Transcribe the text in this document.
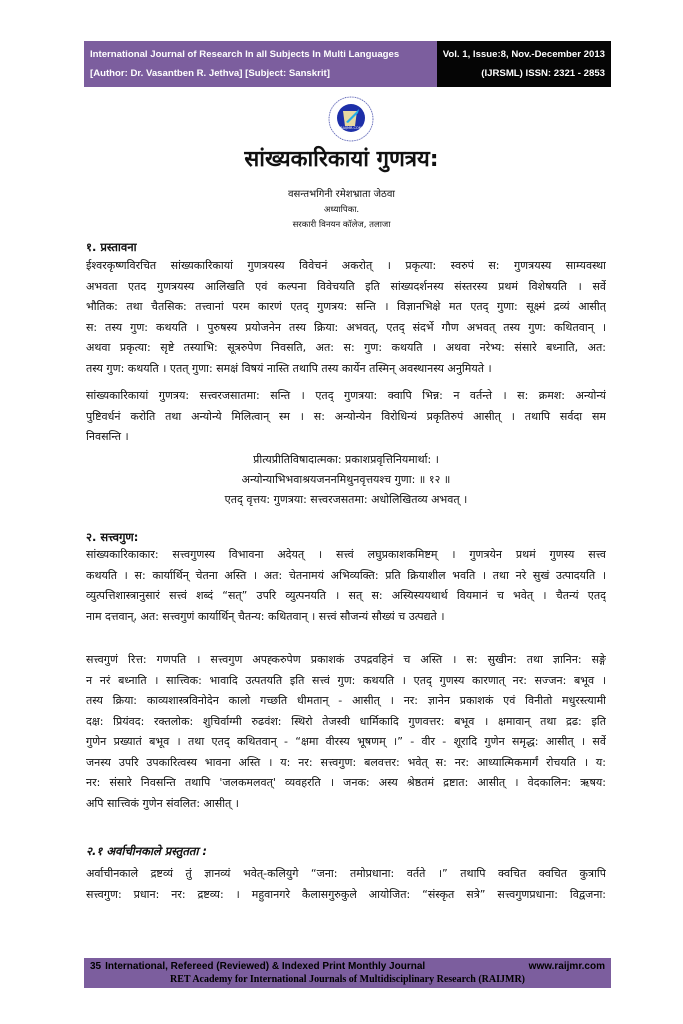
International Journal of Research In all Subjects In Multi Languages
[Author: Dr. Vasantben R. Jethva] [Subject: Sanskrit]
Vol. 1, Issue:8, Nov.-December 2013
(IJRSML) ISSN: 2321 - 2853
RAIJMR.COM
सांख्यकारिकायां गुणत्रय:
वसन्तभगिनी रमेशभ्राता जेठवा
अध्यापिका.
सरकारी विनयन कॉलेज, तलाजा
१. प्रस्तावना
ईश्वरकृष्णविरचित सांख्यकारिकायां गुणत्रयस्य विवेचनं अकरोत् । प्रकृत्या: स्वरुपं स: गुणत्रयस्य साम्यवस्था
अभवता एतद गुणत्रयस्य आलिखति एवं कल्पना विवेचयति इति सांख्यदर्शनस्य संस्तरस्य प्रथमं विशेषयति । सर्वे
भौतिक: तथा चैतसिक: तत्त्वानां परम कारणं एतद् गुणत्रय: सन्ति । विज्ञानभिक्षे मत एतद् गुणा: सूक्ष्मं द्रव्यं आसीत्
स: तस्य गुण: कथयति । पुरुषस्य प्रयोजनेन तस्य क्रिया: अभवत्, एतद् संदर्भे गौण अभवत् तस्य गुण: कथितवान् ।
अथवा प्रकृत्या: सृष्टे तस्याभि: सूत्ररुपेण निवसति, अत: स: गुण: कथयति । अथवा नरेभ्य: संसारे बध्नाति, अत:
तस्य गुण: कथयति । एतत् गुणा: समक्षं विषयं नास्ति तथापि तस्य कार्येन तस्मिन् अवस्थानस्य अनुमियते ।
सांख्यकारिकायां गुणत्रय: सत्त्वरजसातमा: सन्ति । एतद् गुणत्रया: क्वापि भिन्न: न वर्तन्ते । स: क्रमश: अन्योन्यं
पुष्टिवर्धनं करोति तथा अन्योन्ये मिलित्वान् स्म । स: अन्योन्येन विरोधिन्यं प्रकृतिरुपं आसीत् । तथापि सर्वदा सम
निवसन्ति ।
प्रीत्यप्रीतिविषादात्मका: प्रकाशप्रवृत्तिनियमार्था: ।
अन्योन्याभिभवाश्रयजननमिथुनवृत्तयश्च गुणा: ॥ १२ ॥
एतद् वृत्तय: गुणत्रया: सत्त्वरजसतमा: अधोलिखितव्य अभवत् ।
२. सत्त्वगुण:
सांख्यकारिकाकार: सत्त्वगुणस्य विभावना अदेयत् । सत्त्वं लघुप्रकाशकमिष्टम् । गुणत्रयेन प्रथमं गुणस्य सत्त्व
कथयति । स: कार्यार्थिन् चेतना अस्ति । अत: चेतनामयं अभिव्यक्ति: प्रति क्रियाशील भवति । तथा नरे सुखं उत्पादयति ।
व्युत्पत्तिशास्त्रानुसारं सत्त्वं शब्दं “सत्” उपरि व्युत्पनयति । सत् स: अस्यिस्ययथार्थ वियमानं च भवेत् । चैतन्यं एतद्
नाम दत्तवान्, अत: सत्त्वगुणं कार्यार्थिन् चैतन्य: कथितवान् । सत्त्वं सौजन्यं सौख्यं च उत्पद्यते ।
सत्त्वगुणं रित्त: गणपति । सत्त्वगुण अपह्करुपेण प्रकाशकं उपद्रवहिनं च अस्ति । स: सुखीन: तथा ज्ञानिन: सङ्गे
न नरं बध्नाति । सात्त्विक: भावादि उत्पतयति इति सत्त्वं गुण: कथयति । एतद् गुणस्य कारणात् नर: सज्जन: बभूव ।
तस्य क्रिया: काव्यशास्त्रविनोदेन कालो गच्छति धीमतान् - आसीत् । नर: ज्ञानेन प्रकाशकं एवं विनीतो मधुरस्त्यामी
दक्ष: प्रियंवद: रक्तलोक: शुचिर्वाग्मी रुढवंश: स्थिरो तेजस्वी धार्मिकादि गुणवत्तर: बभूव । क्षमावान् तथा द्रढ: इति
गुणेन प्रख्यातं बभूव । तथा एतद् कथितवान् - “क्षमा वीरस्य भूषणम् ।” - वीर - शूरादि गुणेन समृद्ध: आसीत् । सर्वे
जनस्य उपरि उपकारित्वस्य भावना अस्ति । य: नर: सत्त्वगुण: बलवत्तर: भवेत् स: नर: आध्यात्मिकमार्गं रोचयति । य:
नर: संसारे निवसन्ति तथापि 'जलकमलवत्' व्यवहरति । जनक: अस्य श्रेष्ठतमं द्रष्टात: आसीत् । वेदकालिन: ऋषय:
अपि सात्त्विकं गुणेन संवलित: आसीत् ।
२.१ अर्वाचीनकाले प्रस्तुतता :
अर्वाचीनकाले द्रष्टव्यं तुं ज्ञानव्यं भवेत्-कलियुगे “जना: तमोप्रधाना: वर्तते ।” तथापि क्वचित क्वचित कुत्रापि
सत्त्वगुण: प्रधान: नर: द्रष्टव्य: । महुवानगरे कैलासगुरुकुले आयोजित: “संस्कृत सत्रे” सत्त्वगुणप्रधाना: विद्वजना:
35 International, Refereed (Reviewed) & Indexed Print Monthly Journal	www.raijmr.com
RET Academy for International Journals of Multidisciplinary Research (RAIJMR)
